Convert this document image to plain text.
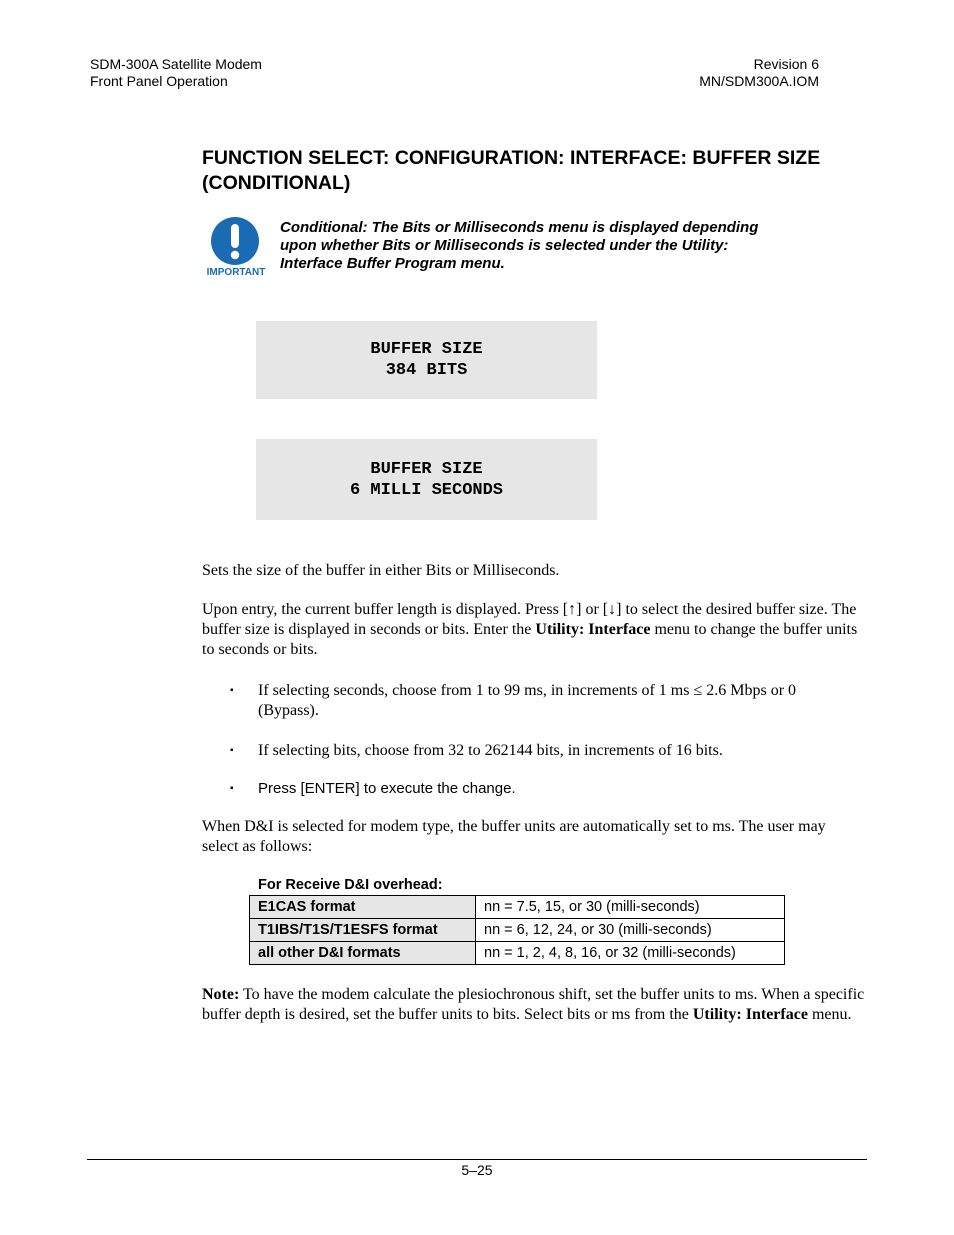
SDM-300A Satellite Modem
Front Panel Operation
Revision 6
MN/SDM300A.IOM
FUNCTION SELECT: CONFIGURATION: INTERFACE: BUFFER SIZE
(CONDITIONAL)
IMPORTANT
Conditional: The Bits or Milliseconds menu is displayed depending
upon whether Bits or Milliseconds is selected under the Utility:
Interface Buffer Program menu.
BUFFER SIZE
384 BITS
BUFFER SIZE
6 MILLI SECONDS
Sets the size of the buffer in either Bits or Milliseconds.
Upon entry, the current buffer length is displayed. Press [↑] or [↓] to select the desired buffer size. The buffer size is displayed in seconds or bits. Enter the Utility: Interface menu to change the buffer units to seconds or bits.
▪	If selecting seconds, choose from 1 to 99 ms, in increments of 1 ms ≤ 2.6 Mbps or 0 (Bypass).
▪	If selecting bits, choose from 32 to 262144 bits, in increments of 16 bits.
▪	Press [ENTER] to execute the change.
When D&I is selected for modem type, the buffer units are automatically set to ms. The user may select as follows:
For Receive D&I overhead:
E1CAS format	nn = 7.5, 15, or 30 (milli-seconds)
T1IBS/T1S/T1ESFS format	nn = 6, 12, 24, or 30 (milli-seconds)
all other D&I formats	nn = 1, 2, 4, 8, 16, or 32 (milli-seconds)
Note: To have the modem calculate the plesiochronous shift, set the buffer units to ms. When a specific buffer depth is desired, set the buffer units to bits. Select bits or ms from the Utility: Interface menu.
5–25
